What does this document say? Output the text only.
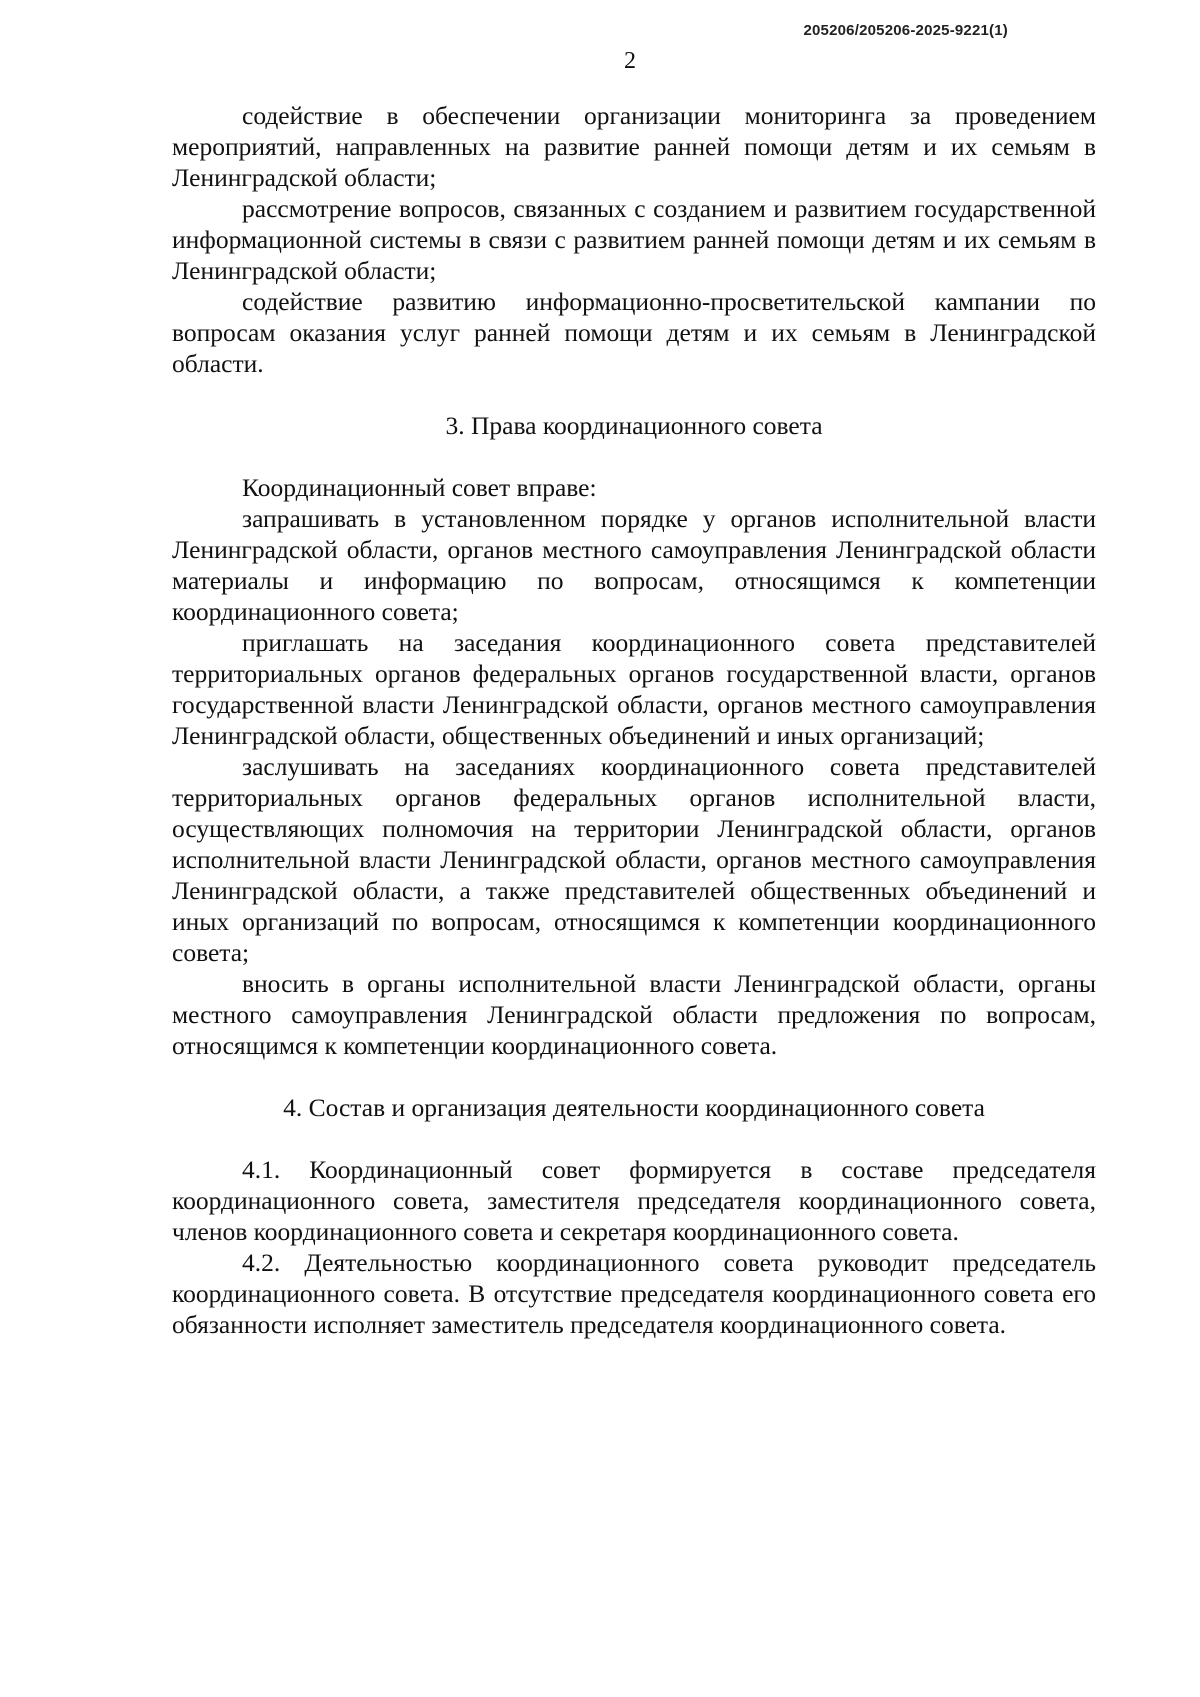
205206/205206-2025-9221(1)
2

содействие в обеспечении организации мониторинга за проведением мероприятий, направленных на развитие ранней помощи детям и их семьям в Ленинградской области;

рассмотрение вопросов, связанных с созданием и развитием государственной информационной системы в связи с развитием ранней помощи детям и их семьям в Ленинградской области;

содействие развитию информационно-просветительской кампании по вопросам оказания услуг ранней помощи детям и их семьям в Ленинградской области.

3. Права координационного совета

Координационный совет вправе:

запрашивать в установленном порядке у органов исполнительной власти Ленинградской области, органов местного самоуправления Ленинградской области материалы и информацию по вопросам, относящимся к компетенции координационного совета;

приглашать на заседания координационного совета представителей территориальных органов федеральных органов государственной власти, органов государственной власти Ленинградской области, органов местного самоуправления Ленинградской области, общественных объединений и иных организаций;

заслушивать на заседаниях координационного совета представителей территориальных органов федеральных органов исполнительной власти, осуществляющих полномочия на территории Ленинградской области, органов исполнительной власти Ленинградской области, органов местного самоуправления Ленинградской области, а также представителей общественных объединений и иных организаций по вопросам, относящимся к компетенции координационного совета;

вносить в органы исполнительной власти Ленинградской области, органы местного самоуправления Ленинградской области предложения по вопросам, относящимся к компетенции координационного совета.

4. Состав и организация деятельности координационного совета

4.1. Координационный совет формируется в составе председателя координационного совета, заместителя председателя координационного совета, членов координационного совета и секретаря координационного совета.

4.2. Деятельностью координационного совета руководит председатель координационного совета. В отсутствие председателя координационного совета его обязанности исполняет заместитель председателя координационного совета.
